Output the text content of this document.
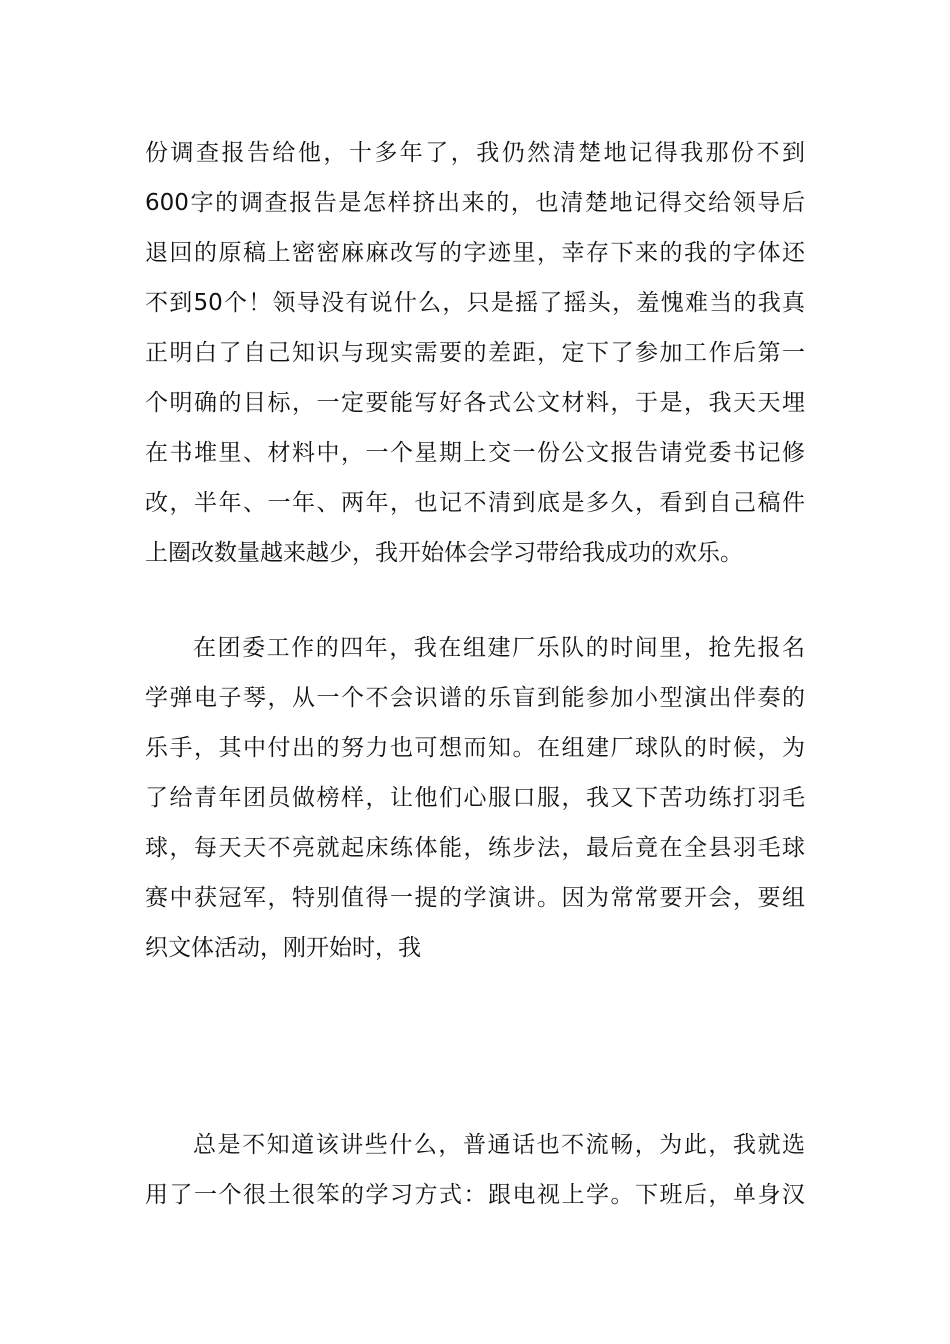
份调查报告给他，十多年了，我仍然清楚地记得我那份不到
600字的调查报告是怎样挤出来的，也清楚地记得交给领导后
退回的原稿上密密麻麻改写的字迹里，幸存下来的我的字体还
不到50个！领导没有说什么，只是摇了摇头，羞愧难当的我真
正明白了自己知识与现实需要的差距，定下了参加工作后第一
个明确的目标，一定要能写好各式公文材料，于是，我天天埋
在书堆里、材料中，一个星期上交一份公文报告请党委书记修
改，半年、一年、两年，也记不清到底是多久，看到自己稿件
上圈改数量越来越少，我开始体会学习带给我成功的欢乐。
在团委工作的四年，我在组建厂乐队的时间里，抢先报名
学弹电子琴，从一个不会识谱的乐盲到能参加小型演出伴奏的
乐手，其中付出的努力也可想而知。在组建厂球队的时候，为
了给青年团员做榜样，让他们心服口服，我又下苦功练打羽毛
球，每天天不亮就起床练体能，练步法，最后竟在全县羽毛球
赛中获冠军，特别值得一提的学演讲。因为常常要开会，要组
织文体活动，刚开始时，我
总是不知道该讲些什么，普通话也不流畅，为此，我就选
用了一个很土很笨的学习方式：跟电视上学。下班后，单身汉
